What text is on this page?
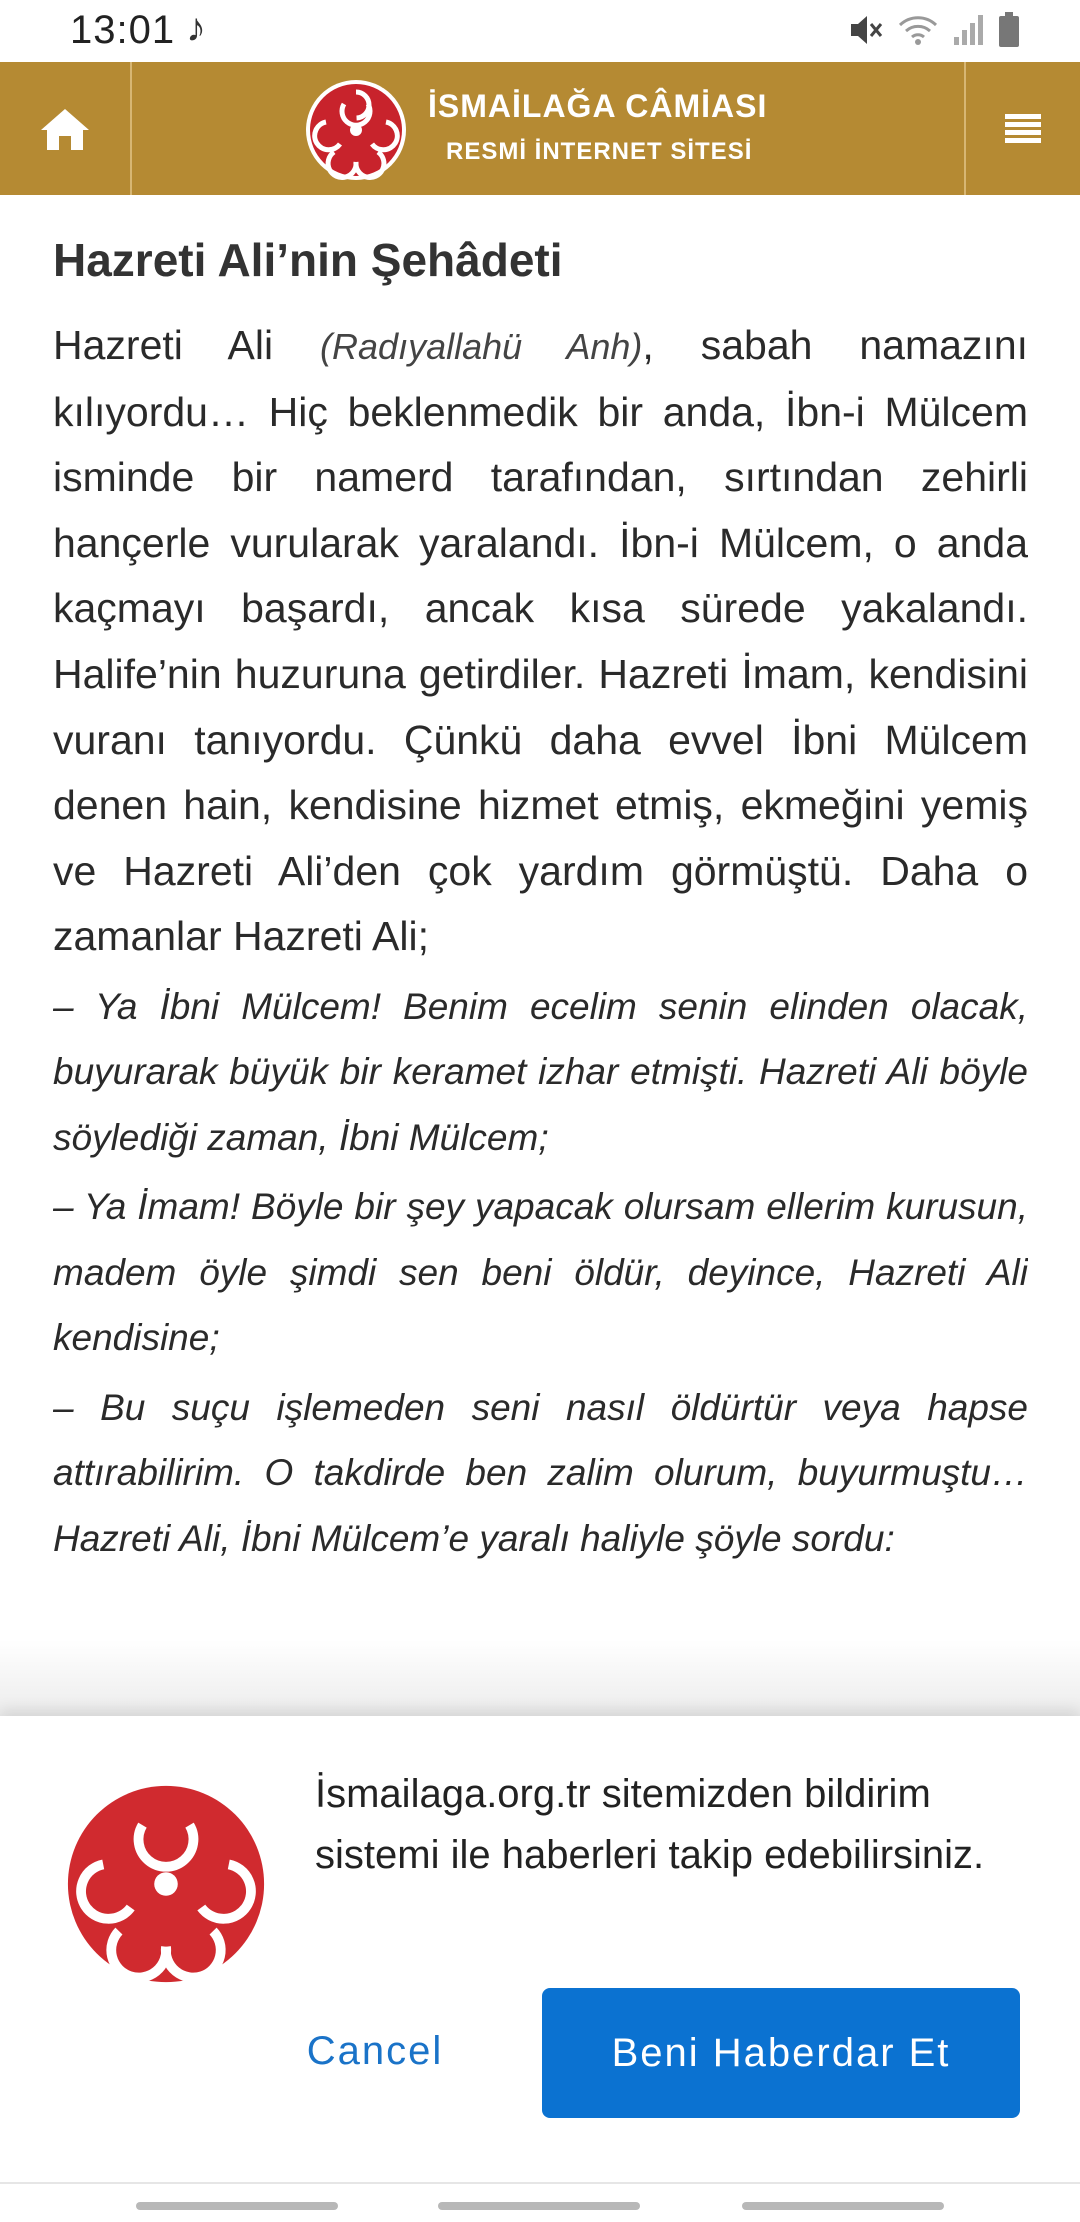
13:01 ♪
İSMAİLAĞA CÂMİASI
RESMİ İNTERNET SİTESİ
Hazreti Ali’nin Şehâdeti
Hazreti Ali (Radıyallahü Anh), sabah namazını kılıyordu… Hiç beklenmedik bir anda, İbn-i Mülcem isminde bir namerd tarafından, sırtından zehirli hançerle vurularak yaralandı. İbn-i Mülcem, o anda kaçmayı başardı, ancak kısa sürede yakalandı. Halife’nin huzuruna getirdiler. Hazreti İmam, kendisini vuranı tanıyordu. Çünkü daha evvel İbni Mülcem denen hain, kendisine hizmet etmiş, ekmeğini yemiş ve Hazreti Ali’den çok yardım görmüştü. Daha o zamanlar Hazreti Ali;
– Ya İbni Mülcem! Benim ecelim senin elinden olacak, buyurarak büyük bir keramet izhar etmişti. Hazreti Ali böyle söylediği zaman, İbni Mülcem;
– Ya İmam! Böyle bir şey yapacak olursam ellerim kurusun, madem öyle şimdi sen beni öldür, deyince, Hazreti Ali kendisine;
– Bu suçu işlemeden seni nasıl öldürtür veya hapse attırabilirim. O takdirde ben zalim olurum, buyurmuştu… Hazreti Ali, İbni Mülcem’e yaralı haliyle şöyle sordu:
İsmailaga.org.tr sitemizden bildirim sistemi ile haberleri takip edebilirsiniz.
Cancel	Beni Haberdar Et
